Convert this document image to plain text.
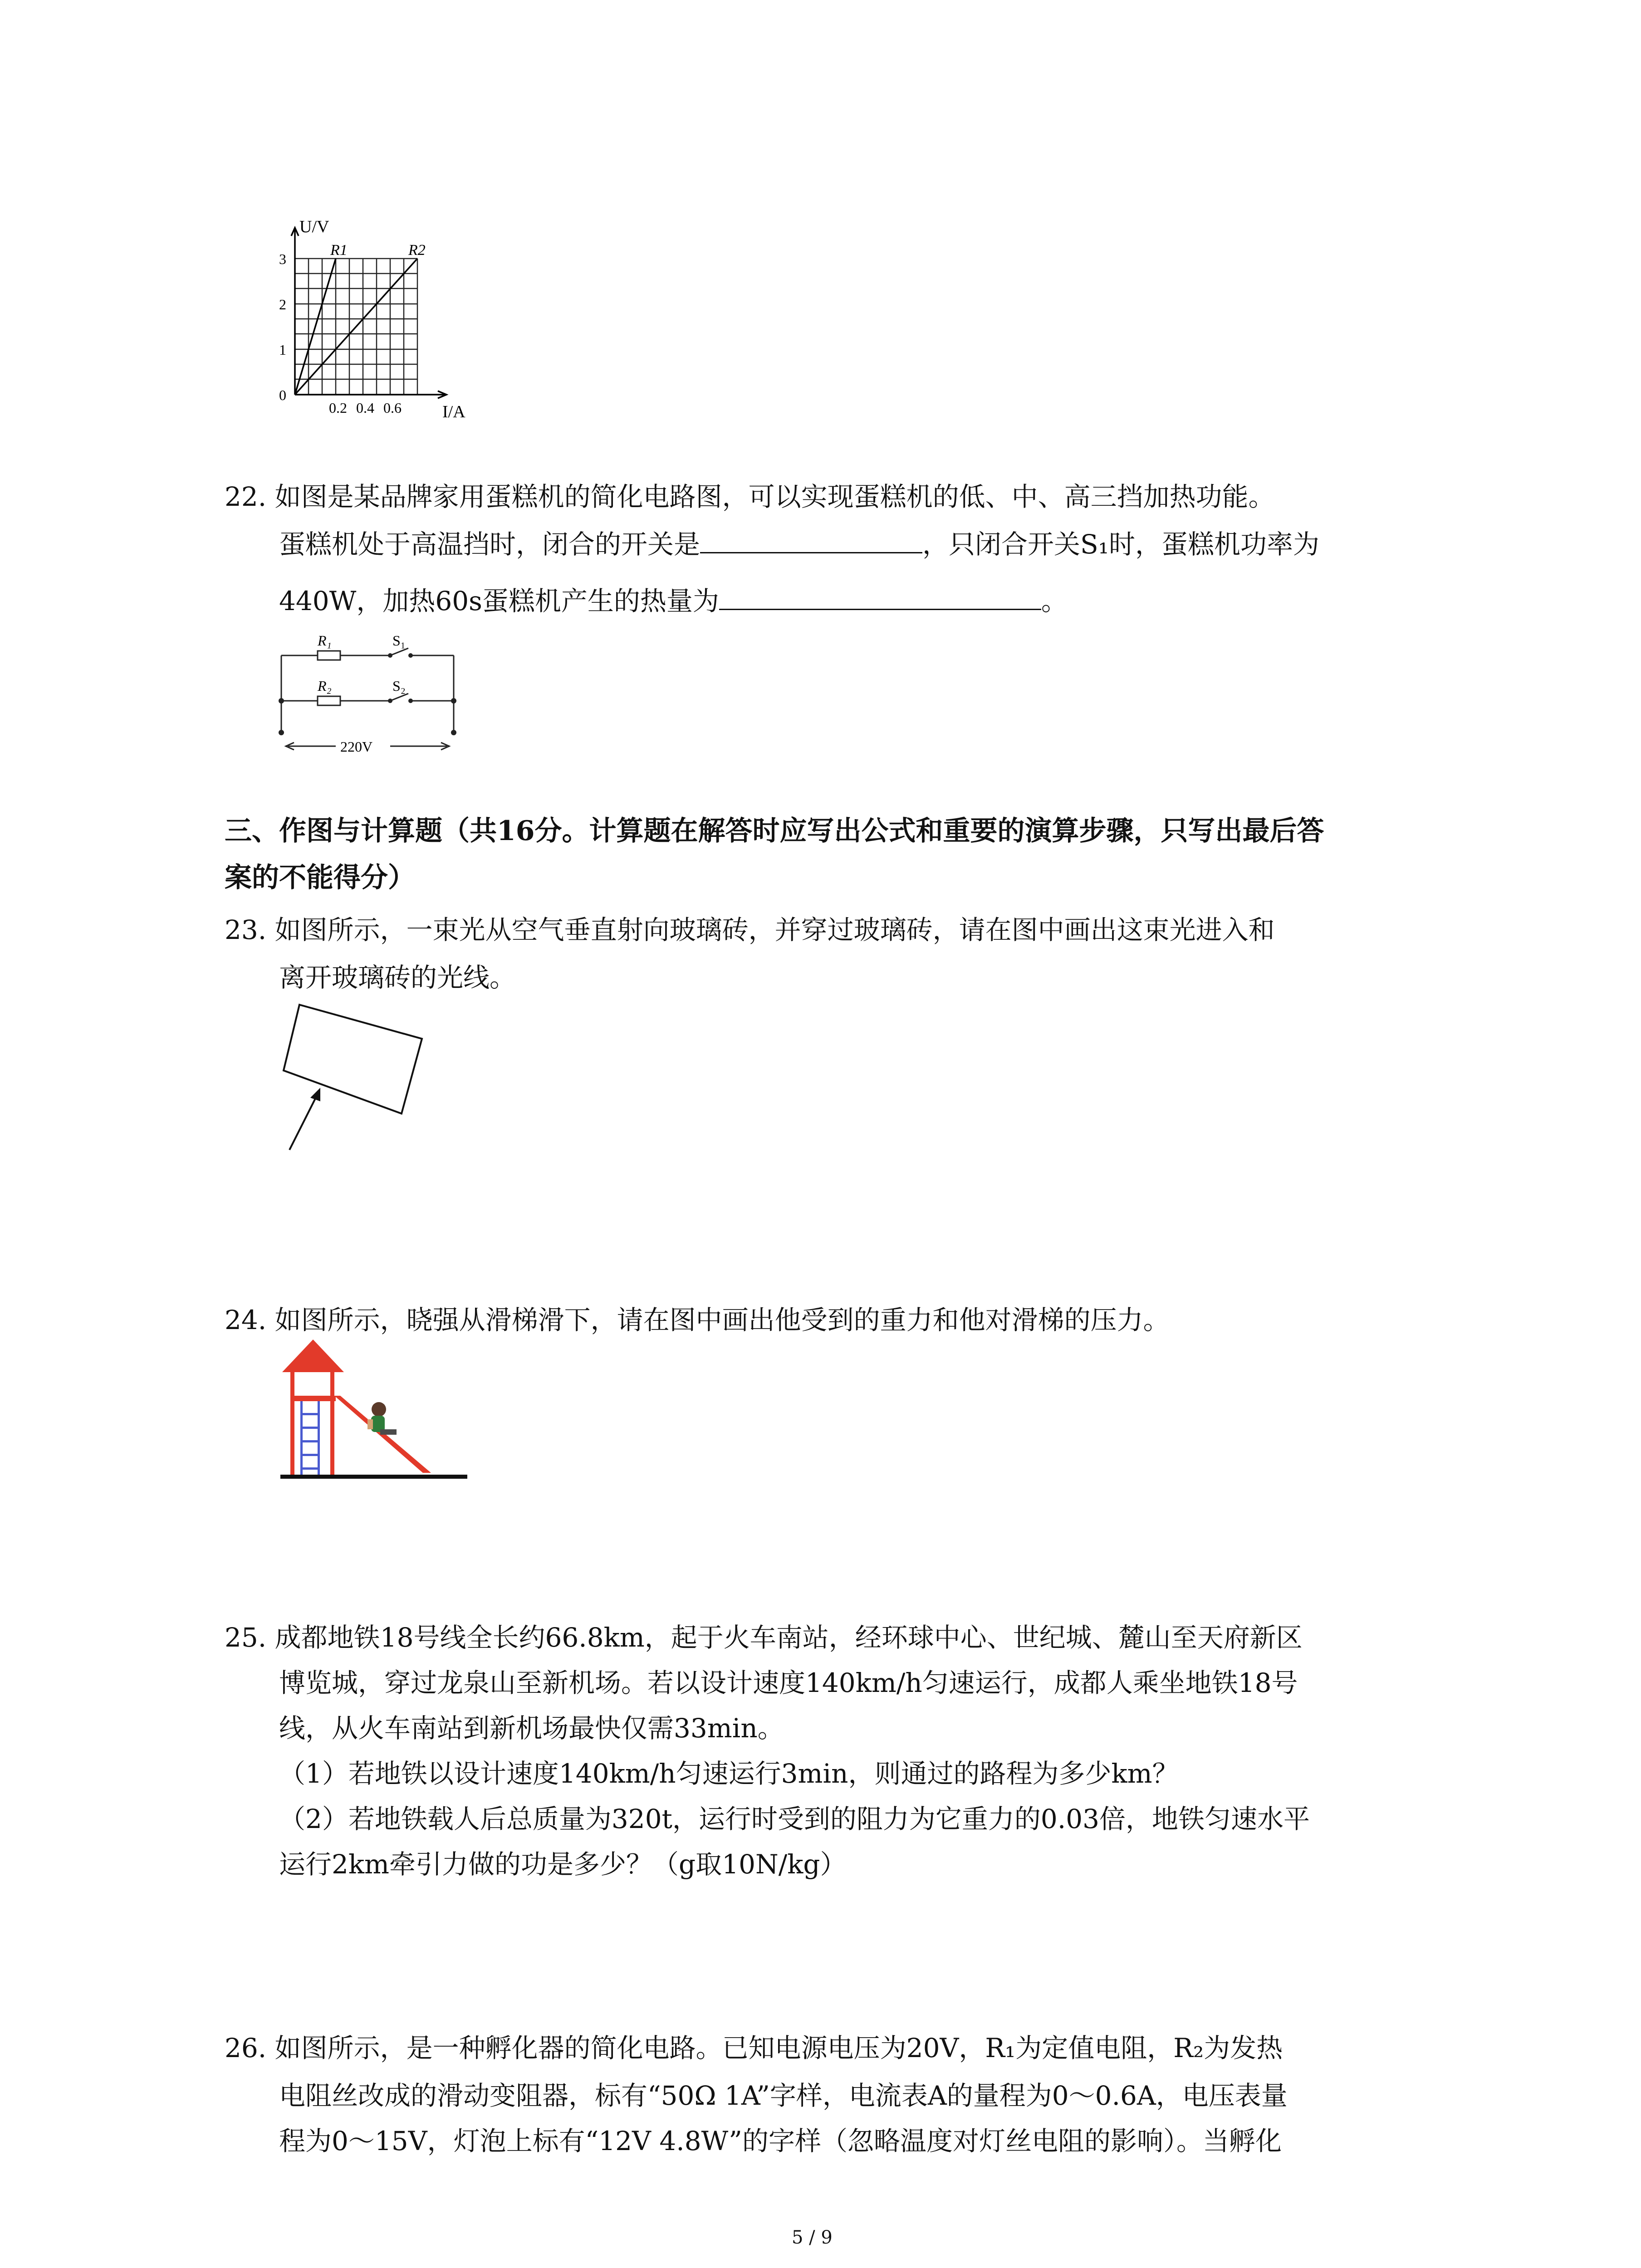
U/V
I/A
R1	R2
3
2
1
0
0.2 0.4 0.6
22. 如图是某品牌家用蛋糕机的简化电路图，可以实现蛋糕机的低、中、高三挡加热功能。
蛋糕机处于高温挡时，闭合的开关是	，只闭合开关S₁时，蛋糕机功率为
440W，加热60s蛋糕机产生的热量为	。
R₁
R₂
S₁
S₂
220V
三、作图与计算题（共16分。计算题在解答时应写出公式和重要的演算步骤，只写出最后答
案的不能得分）
23. 如图所示，一束光从空气垂直射向玻璃砖，并穿过玻璃砖，请在图中画出这束光进入和
离开玻璃砖的光线。
24. 如图所示，晓强从滑梯滑下，请在图中画出他受到的重力和他对滑梯的压力。
25. 成都地铁18号线全长约66.8km，起于火车南站，经环球中心、世纪城、麓山至天府新区
博览城，穿过龙泉山至新机场。若以设计速度140km/h匀速运行，成都人乘坐地铁18号
线，从火车南站到新机场最快仅需33min。
（1）若地铁以设计速度140km/h匀速运行3min，则通过的路程为多少km？
（2）若地铁载人后总质量为320t，运行时受到的阻力为它重力的0.03倍，地铁匀速水平
运行2km牵引力做的功是多少？（g取10N/kg）
26. 如图所示，是一种孵化器的简化电路。已知电源电压为20V，R₁为定值电阻，R₂为发热
电阻丝改成的滑动变阻器，标有“50Ω 1A”字样，电流表A的量程为0～0.6A，电压表量
程为0～15V，灯泡上标有“12V 4.8W”的字样（忽略温度对灯丝电阻的影响）。当孵化
5 / 9
